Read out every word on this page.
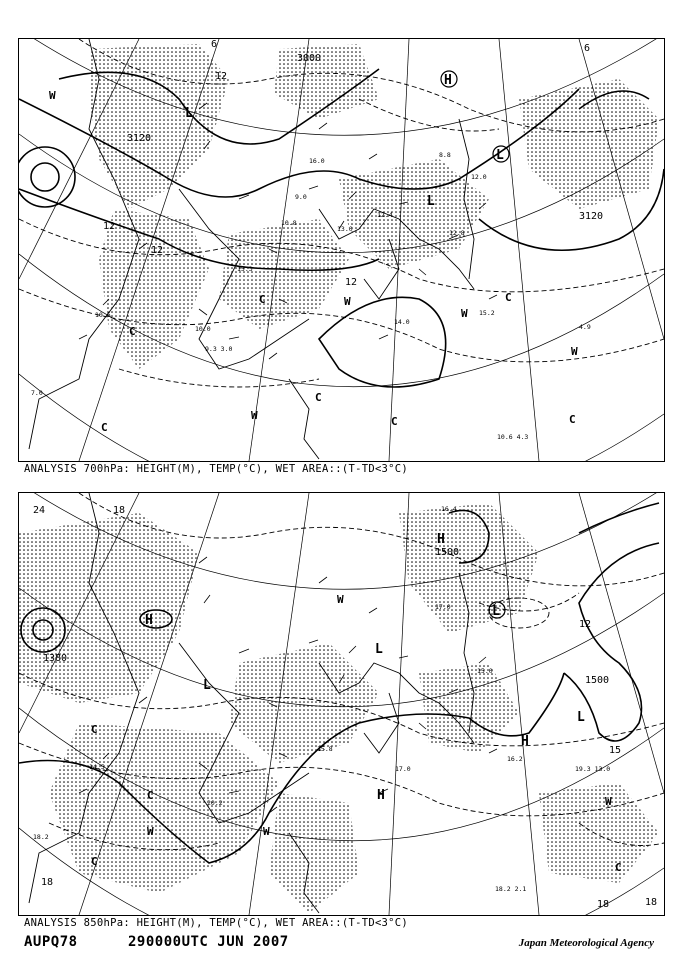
3000
3120
3120
12
12
12
12
6	6
H
L
L
L
W
W
W
W
W
C
C
C
C	C
C
C
9.0
16.0
10.8
12.4
13.0	12.8
14.0
10.6
7.0
10.0
8.8
15.2
4.9
10.6 4.3
9.3 3.0
15.3
12.0
ANALYSIS 700hPa: HEIGHT(M), TEMP(°C), WET AREA::(T-TD<3°C)
1500
1500
1380
24	18
18
18	18
15
12
H
H
H
H
L
L
L
L
W
W	W
W
C
C
C
C
20.2
17.0
16.2
16.4
15.8
14.5
18.2 2.1
19.3 13.0
18.2
17.0
15.0
ANALYSIS 850hPa: HEIGHT(M), TEMP(°C), WET AREA::(T-TD<3°C)
AUPQ78	290000UTC JUN 2007	Japan Meteorological Agency
